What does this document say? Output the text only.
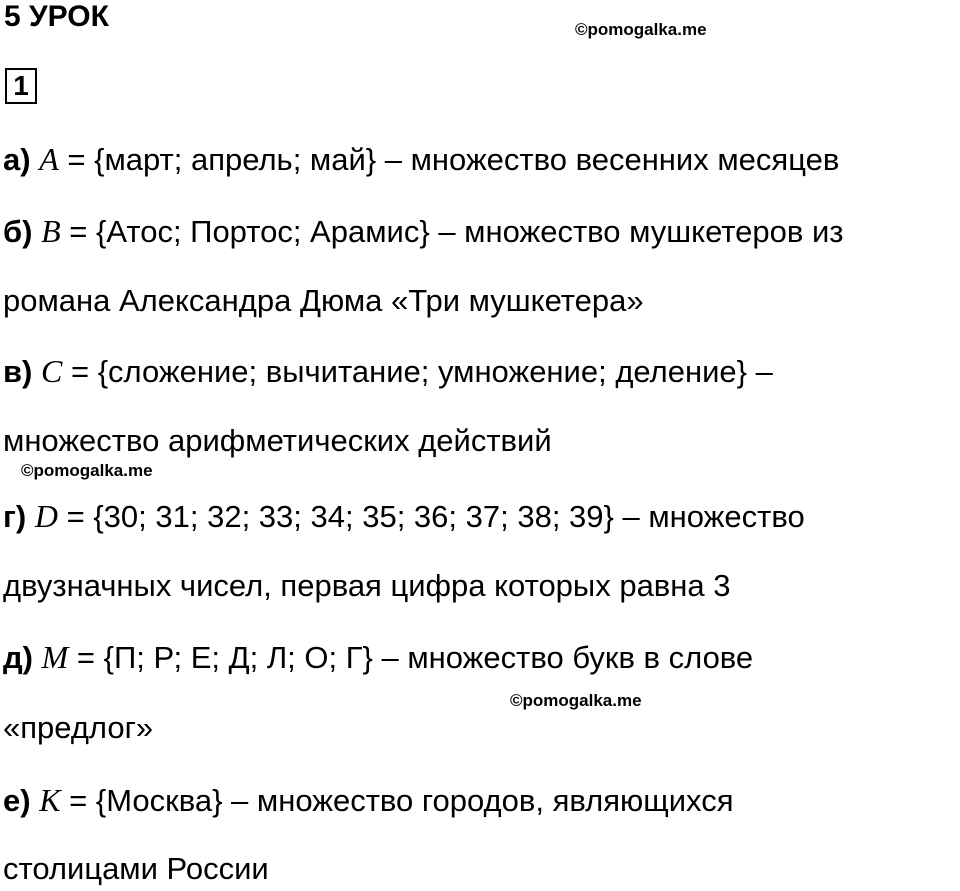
5 УРОК	©pomogalka.me
1
а) A = {март; апрель; май} – множество весенних месяцев
б) B = {Атос; Портос; Арамис} – множество мушкетеров из
романа Александра Дюма «Три мушкетера»
в) C = {сложение; вычитание; умножение; деление} –
множество арифметических действий
©pomogalka.me
г) D = {30; 31; 32; 33; 34; 35; 36; 37; 38; 39} – множество
двузначных чисел, первая цифра которых равна 3
д) M = {П; Р; Е; Д; Л; О; Г} – множество букв в слове
©pomogalka.me
«предлог»
е) K = {Москва} – множество городов, являющихся
столицами России
